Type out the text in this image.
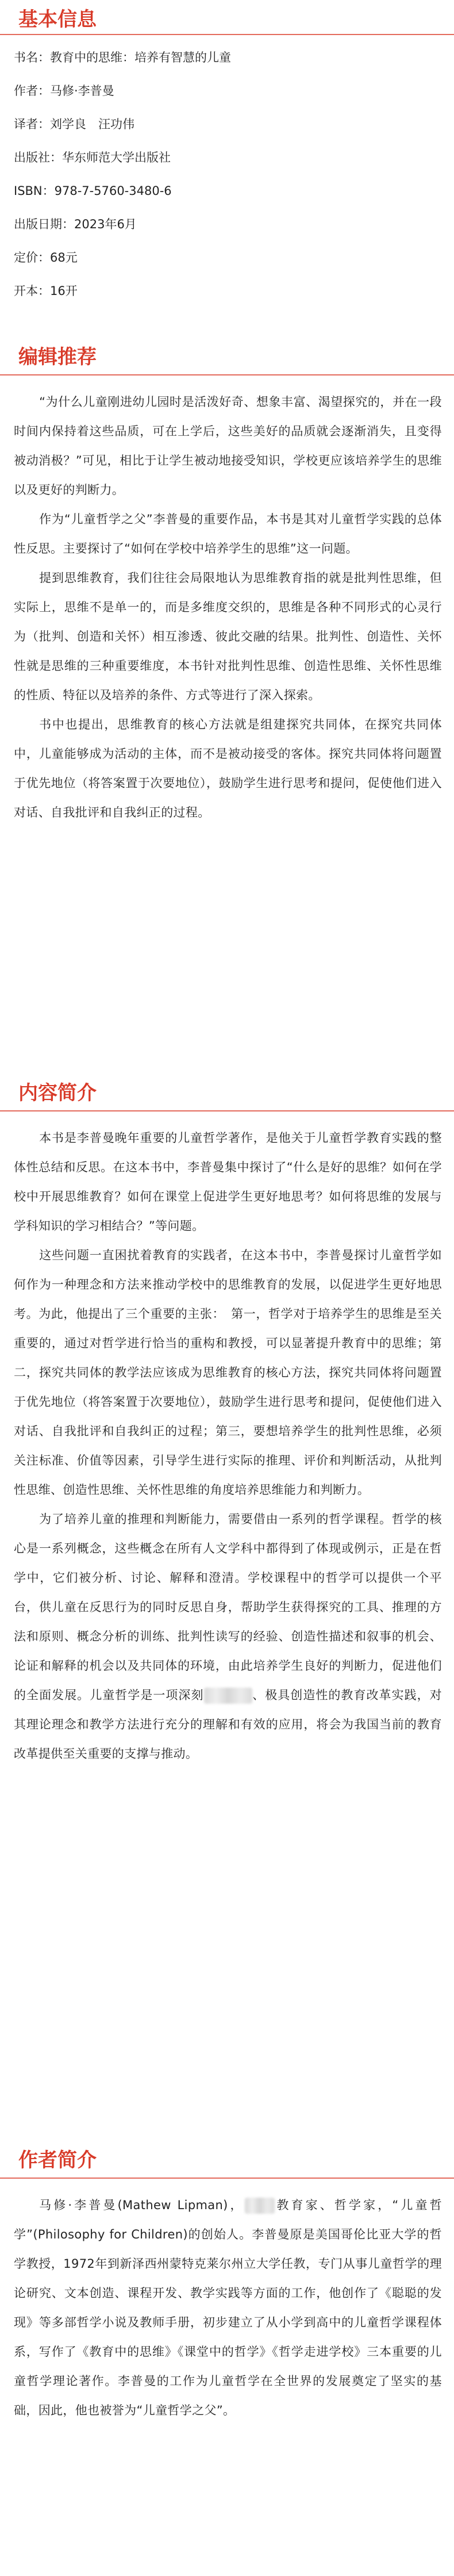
基本信息
书名：教育中的思维：培养有智慧的儿童
作者：马修·李普曼
译者：刘学良　汪功伟
出版社：华东师范大学出版社
ISBN：978-7-5760-3480-6
出版日期：2023年6月
定价：68元
开本：16开
编辑推荐

“为什么儿童刚进幼儿园时是活泼好奇、想象丰富、渴望探究的，并在一段时间内保持着这些品质，可在上学后，这些美好的品质就会逐渐消失，且变得被动消极？”可见，相比于让学生被动地接受知识，学校更应该培养学生的思维以及更好的判断力。

作为“儿童哲学之父”李普曼的重要作品，本书是其对儿童哲学实践的总体性反思。主要探讨了“如何在学校中培养学生的思维”这一问题。

提到思维教育，我们往往会局限地认为思维教育指的就是批判性思维，但实际上，思维不是单一的，而是多维度交织的，思维是各种不同形式的心灵行为（批判、创造和关怀）相互渗透、彼此交融的结果。批判性、创造性、关怀性就是思维的三种重要维度，本书针对批判性思维、创造性思维、关怀性思维的性质、特征以及培养的条件、方式等进行了深入探索。

书中也提出，思维教育的核心方法就是组建探究共同体，在探究共同体中，儿童能够成为活动的主体，而不是被动接受的客体。探究共同体将问题置于优先地位（将答案置于次要地位），鼓励学生进行思考和提问，促使他们进入对话、自我批评和自我纠正的过程。

内容简介

本书是李普曼晚年重要的儿童哲学著作，是他关于儿童哲学教育实践的整体性总结和反思。在这本书中，李普曼集中探讨了“什么是好的思维？如何在学校中开展思维教育？如何在课堂上促进学生更好地思考？如何将思维的发展与学科知识的学习相结合？”等问题。

这些问题一直困扰着教育的实践者，在这本书中，李普曼探讨儿童哲学如何作为一种理念和方法来推动学校中的思维教育的发展，以促进学生更好地思考。为此，他提出了三个重要的主张：　第一，哲学对于培养学生的思维是至关重要的，通过对哲学进行恰当的重构和教授，可以显著提升教育中的思维；第二，探究共同体的教学法应该成为思维教育的核心方法，探究共同体将问题置于优先地位（将答案置于次要地位），鼓励学生进行思考和提问，促使他们进入对话、自我批评和自我纠正的过程；第三，要想培养学生的批判性思维，必须关注标准、价值等因素，引导学生进行实际的推理、评价和判断活动，从批判性思维、创造性思维、关怀性思维的角度培养思维能力和判断力。

为了培养儿童的推理和判断能力，需要借由一系列的哲学课程。哲学的核心是一系列概念，这些概念在所有人文学科中都得到了体现或例示，正是在哲学中，它们被分析、讨论、解释和澄清。学校课程中的哲学可以提供一个平台，供儿童在反思行为的同时反思自身，帮助学生获得探究的工具、推理的方法和原则、概念分析的训练、批判性读写的经验、创造性描述和叙事的机会、论证和解释的机会以及共同体的环境，由此培养学生良好的判断力，促进他们的全面发展。儿童哲学是一项深刻	、极具创造性的教育改革实践，对其理论理念和教学方法进行充分的理解和有效的应用，将会为我国当前的教育改革提供至关重要的支撑与推动。

作者简介

马修·李普曼(Mathew Lipman)， 教育家、哲学家，“儿童哲学”(Philosophy for Children)的创始人。李普曼原是美国哥伦比亚大学的哲学教授，1972年到新泽西州蒙特克莱尔州立大学任教，专门从事儿童哲学的理论研究、文本创造、课程开发、教学实践等方面的工作，他创作了《聪聪的发现》等多部哲学小说及教师手册，初步建立了从小学到高中的儿童哲学课程体系，写作了《教育中的思维》《课堂中的哲学》《哲学走进学校》三本重要的儿童哲学理论著作。李普曼的工作为儿童哲学在全世界的发展奠定了坚实的基础，因此，他也被誉为“儿童哲学之父”。
